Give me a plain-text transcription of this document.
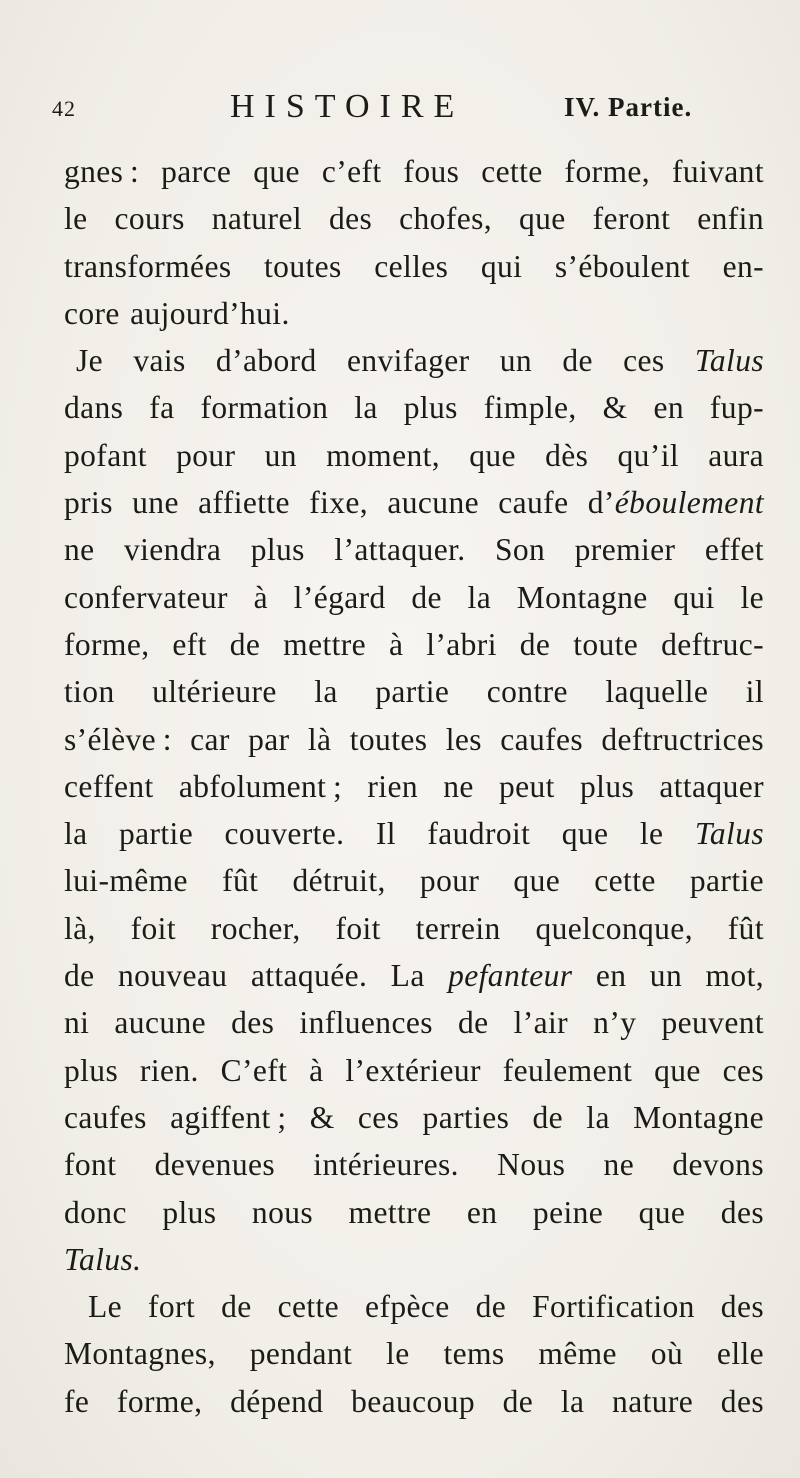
42	HISTOIRE	IV. Partie.
gnes : parce que c’eft fous cette forme, fuivant
le cours naturel des chofes, que feront enfin
transformées toutes celles qui s’éboulent en-
core aujourd’hui.
Je vais d’abord envifager un de ces Talus
dans fa formation la plus fimple, & en fup-
pofant pour un moment, que dès qu’il aura
pris une affiette fixe, aucune caufe d’éboulement
ne viendra plus l’attaquer. Son premier effet
confervateur à l’égard de la Montagne qui le
forme, eft de mettre à l’abri de toute deftruc-
tion ultérieure la partie contre laquelle il
s’élève : car par là toutes les caufes deftructrices
ceffent abfolument ; rien ne peut plus attaquer
la partie couverte. Il faudroit que le Talus
lui-même fût détruit, pour que cette partie
là, foit rocher, foit terrein quelconque, fût
de nouveau attaquée. La pefanteur en un mot,
ni aucune des influences de l’air n’y peuvent
plus rien. C’eft à l’extérieur feulement que ces
caufes agiffent ; & ces parties de la Montagne
font devenues intérieures. Nous ne devons
donc plus nous mettre en peine que des
Talus.
Le fort de cette efpèce de Fortification des
Montagnes, pendant le tems même où elle
fe forme, dépend beaucoup de la nature des
